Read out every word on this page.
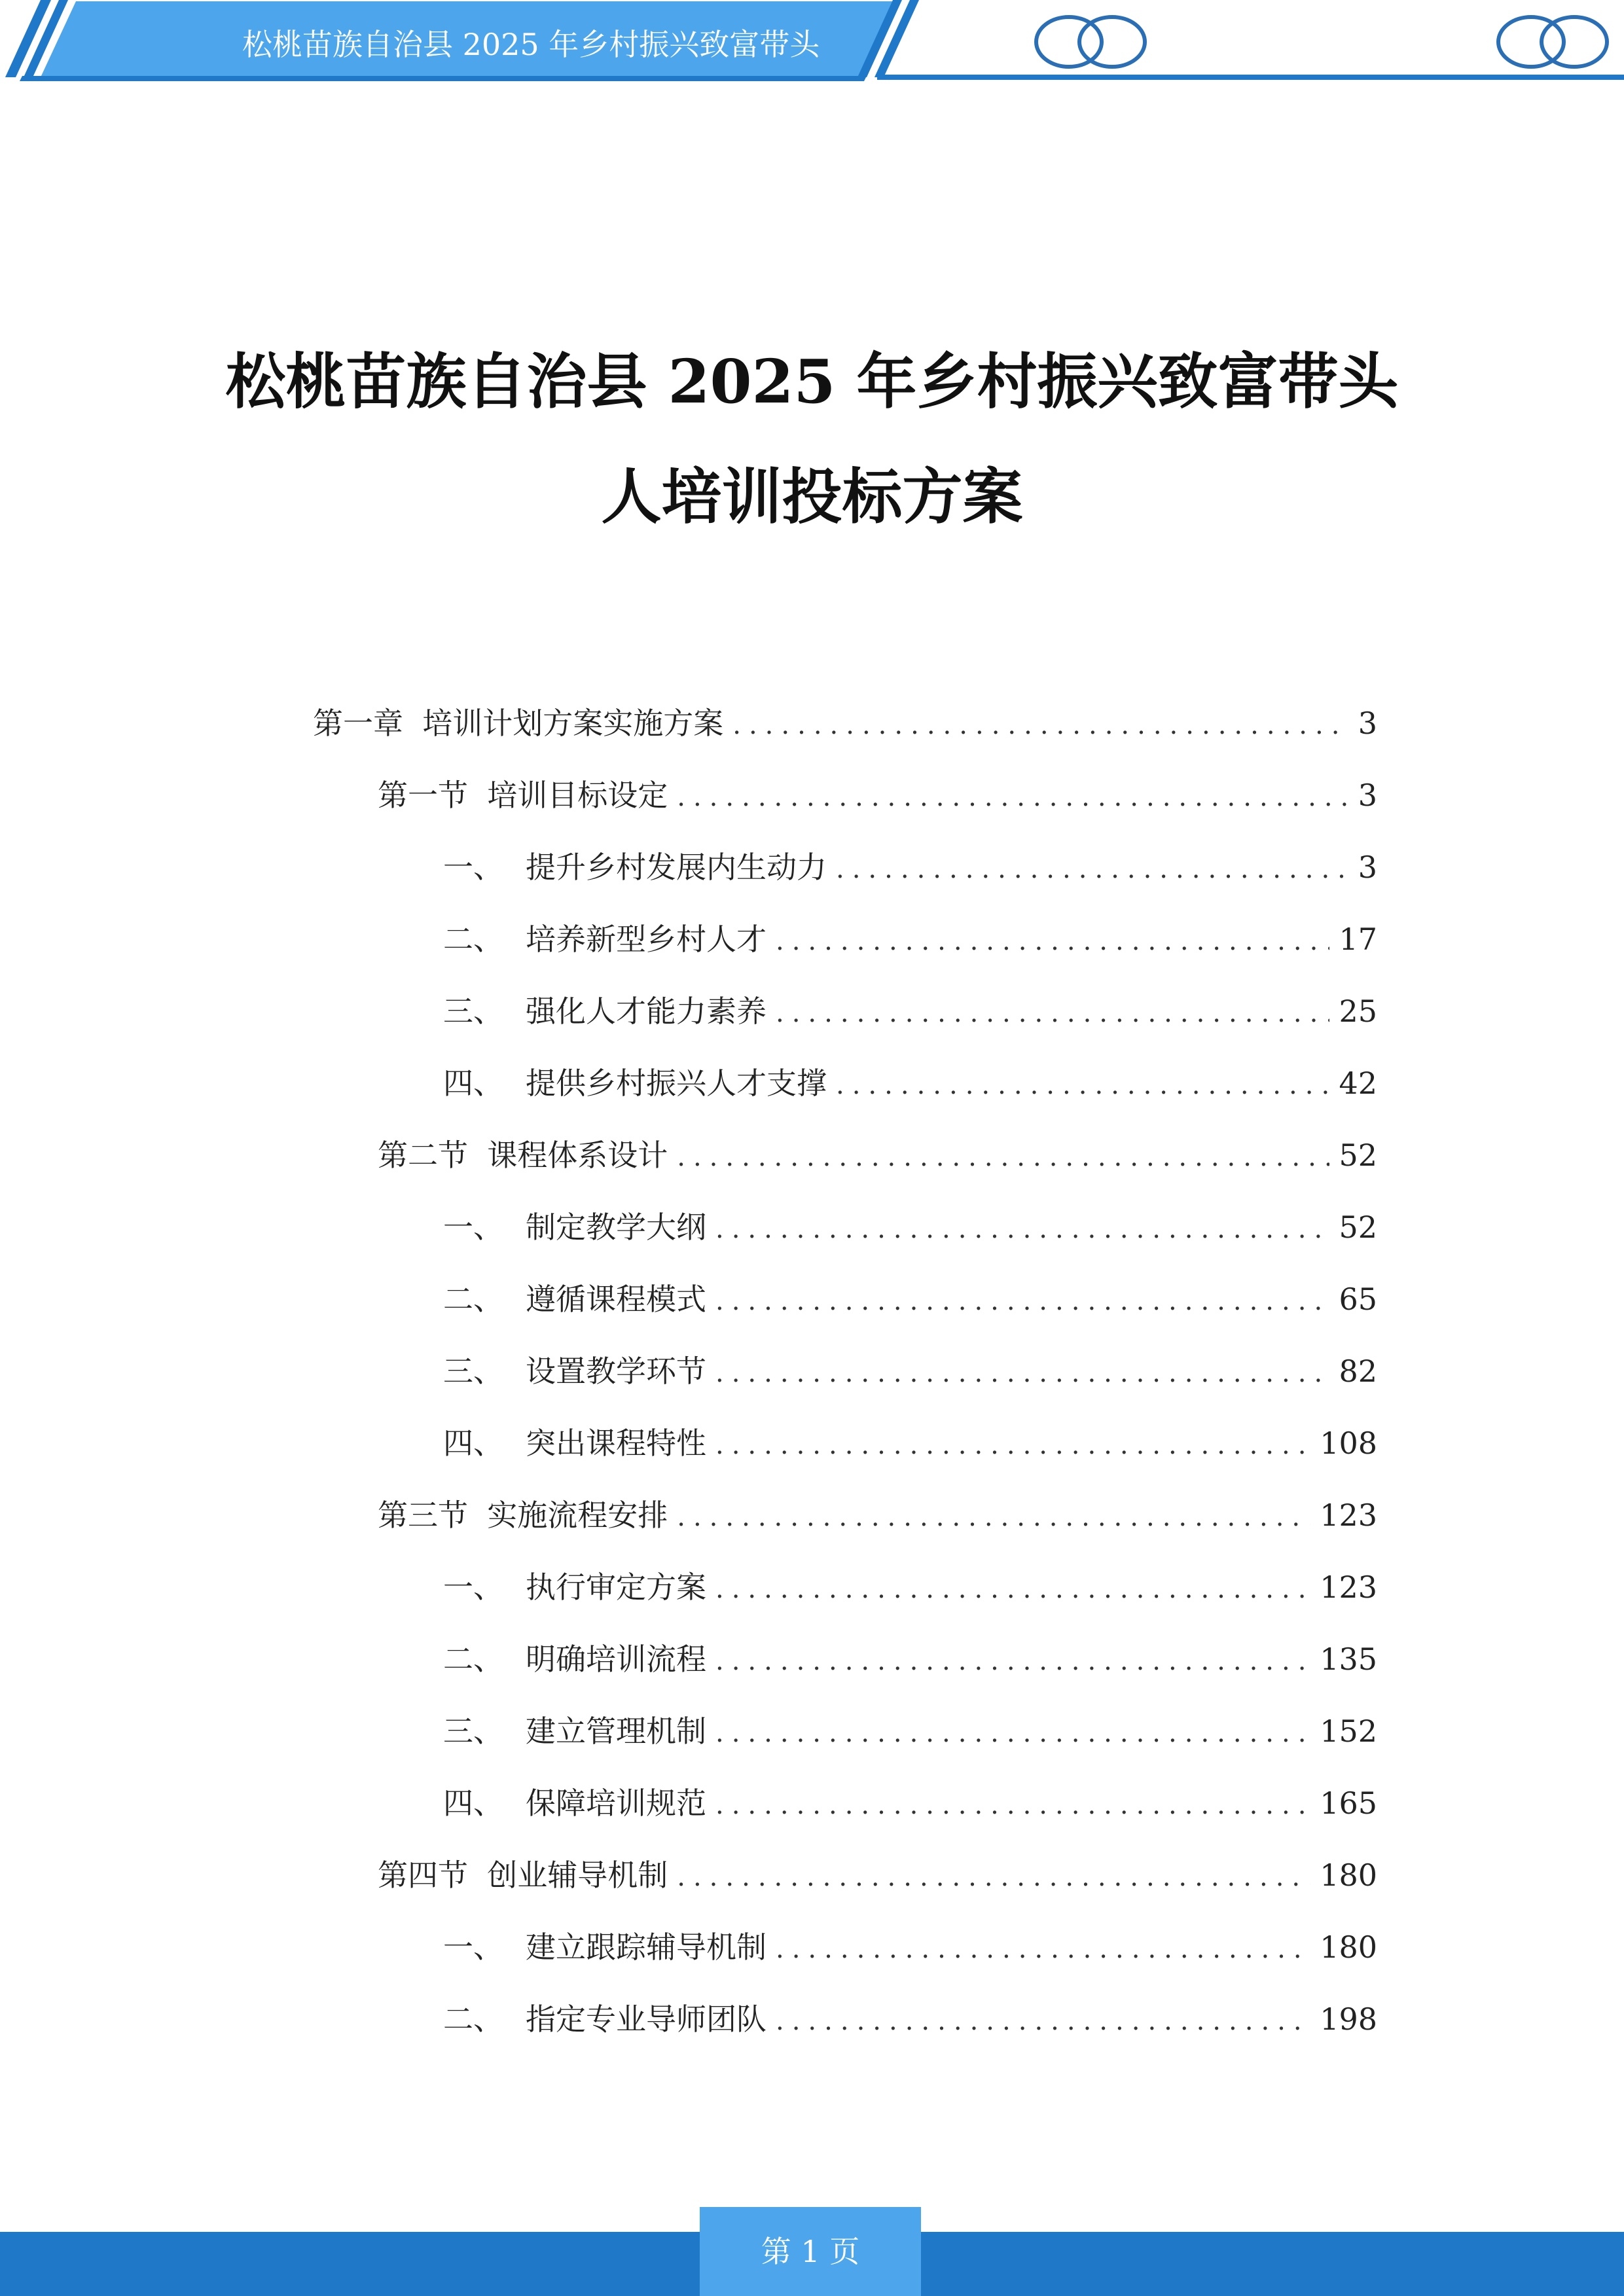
松桃苗族自治县 2025 年乡村振兴致富带头
松桃苗族自治县 2025 年乡村振兴致富带头
人培训投标方案
第一章  培训计划方案实施方案 .....	3
第一节  培训目标设定 .....	3
一、 提升乡村发展内生动力 .....	3
二、 培养新型乡村人才 .....	17
三、 强化人才能力素养 .....	25
四、 提供乡村振兴人才支撑 .....	42
第二节  课程体系设计 .....	52
一、 制定教学大纲 .....	52
二、 遵循课程模式 .....	65
三、 设置教学环节 .....	82
四、 突出课程特性 .....	108
第三节  实施流程安排 .....	123
一、 执行审定方案 .....	123
二、 明确培训流程 .....	135
三、 建立管理机制 .....	152
四、 保障培训规范 .....	165
第四节  创业辅导机制 .....	180
一、 建立跟踪辅导机制 .....	180
二、 指定专业导师团队 .....	198
第 1 页
